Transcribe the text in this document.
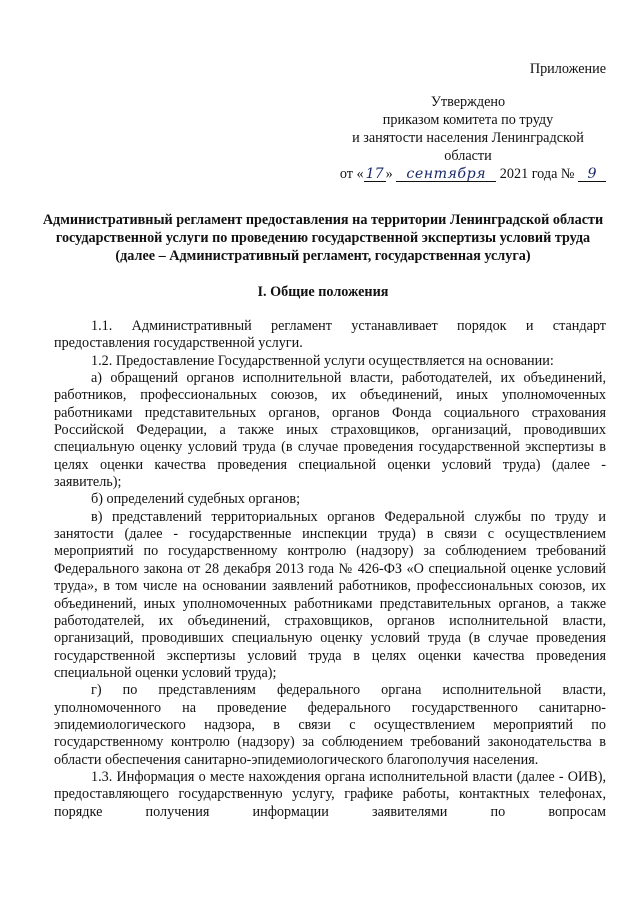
Приложение
Утверждено
приказом комитета по труду
и занятости населения Ленинградской
области
от « 17 » сентября 2021 года № 9
Административный регламент предоставления на территории Ленинградской области государственной услуги по проведению государственной экспертизы условий труда (далее – Административный регламент, государственная услуга)
I. Общие положения

1.1. Административный регламент устанавливает порядок и стандарт предоставления государственной услуги.

1.2. Предоставление Государственной услуги осуществляется на основании:

а) обращений органов исполнительной власти, работодателей, их объединений, работников, профессиональных союзов, их объединений, иных уполномоченных работниками представительных органов, органов Фонда социального страхования Российской Федерации, а также иных страховщиков, организаций, проводивших специальную оценку условий труда (в случае проведения государственной экспертизы в целях оценки качества проведения специальной оценки условий труда) (далее - заявитель);

б) определений судебных органов;

в) представлений территориальных органов Федеральной службы по труду и занятости (далее - государственные инспекции труда) в связи с осуществлением мероприятий по государственному контролю (надзору) за соблюдением требований Федерального закона от 28 декабря 2013 года № 426-ФЗ «О специальной оценке условий труда», в том числе на основании заявлений работников, профессиональных союзов, их объединений, иных уполномоченных работниками представительных органов, а также работодателей, их объединений, страховщиков, органов исполнительной власти, организаций, проводивших специальную оценку условий труда (в случае проведения государственной экспертизы условий труда в целях оценки качества проведения специальной оценки условий труда);

г) по представлениям федерального органа исполнительной власти, уполномоченного на проведение федерального государственного санитарно-эпидемиологического надзора, в связи с осуществлением мероприятий по государственному контролю (надзору) за соблюдением требований законодательства в области обеспечения санитарно-эпидемиологического благополучия населения.

1.3. Информация о месте нахождения органа исполнительной власти (далее - ОИВ), предоставляющего государственную услугу, графике работы, контактных телефонах, порядке получения информации заявителями по вопросам
